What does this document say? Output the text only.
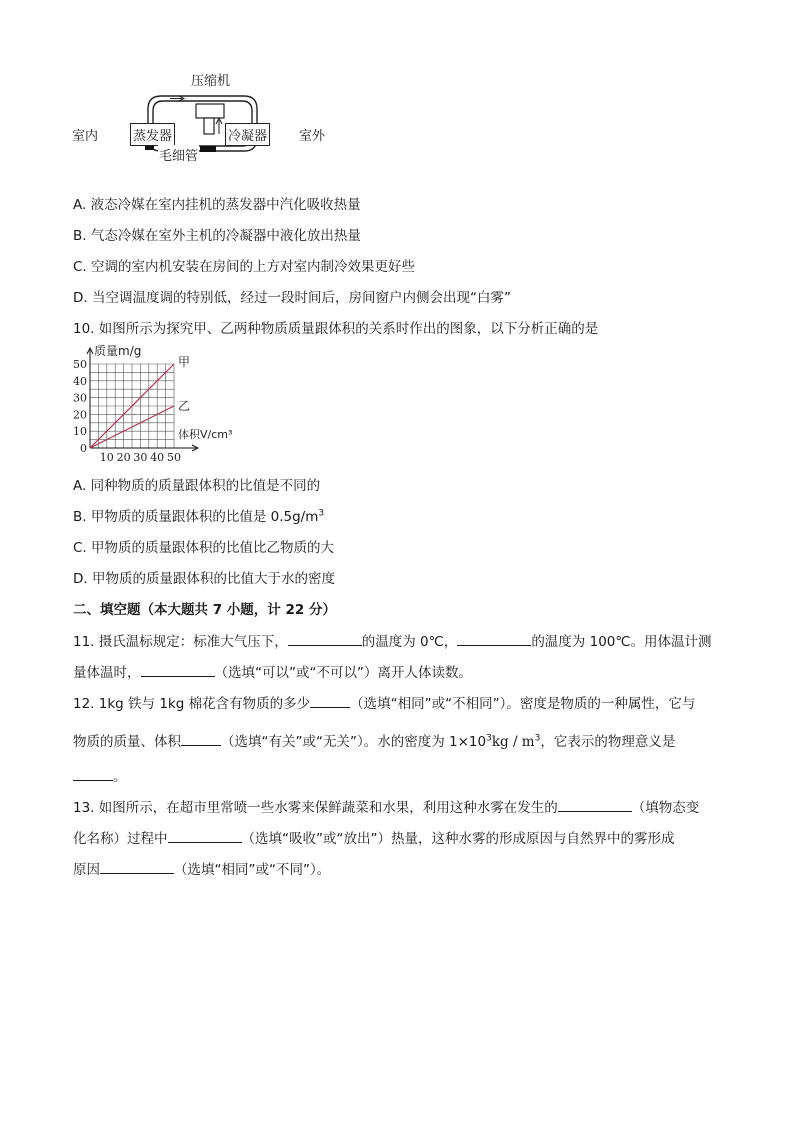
压缩机
室内	蒸发器	冷凝器 室外
毛细管
A. 液态冷媒在室内挂机的蒸发器中汽化吸收热量
B. 气态冷媒在室外主机的冷凝器中液化放出热量
C. 空调的室内机安装在房间的上方对室内制冷效果更好些
D. 当空调温度调的特别低，经过一段时间后，房间窗户内侧会出现“白雾”
10. 如图所示为探究甲、乙两种物质质量跟体积的关系时作出的图象，以下分析正确的是
甲
乙
0
10
20
30
40
50
10 20 30 40 50
质量m/g
体积V/cm³
A. 同种物质的质量跟体积的比值是不同的
B. 甲物质的质量跟体积的比值是 $0.5g/m^3$
C. 甲物质的质量跟体积的比值比乙物质的大
D. 甲物质的质量跟体积的比值大于水的密度
二、填空题（本大题共 7 小题，计 22 分）
11. 摄氏温标规定：标准大气压下，	的温度为 0℃，	的温度为 100℃。用体温计测
量体温时，	（选填“可以”或“不可以”）离开人体读数。
12. 1kg 铁与 1kg 棉花含有物质的多少	（选填“相同”或“不相同”）。密度是物质的一种属性，它与
物质的质量、体积	（选填“有关”或“无关”）。水的密度为 $1\times 10^3kg / m^3$，它表示的物理意义是
。
13. 如图所示，在超市里常喷一些水雾来保鲜蔬菜和水果，利用这种水雾在发生的	（填物态变
化名称）过程中	（选填“吸收”或“放出”）热量，这种水雾的形成原因与自然界中的雾形成
原因	（选填“相同”或“不同”）。
